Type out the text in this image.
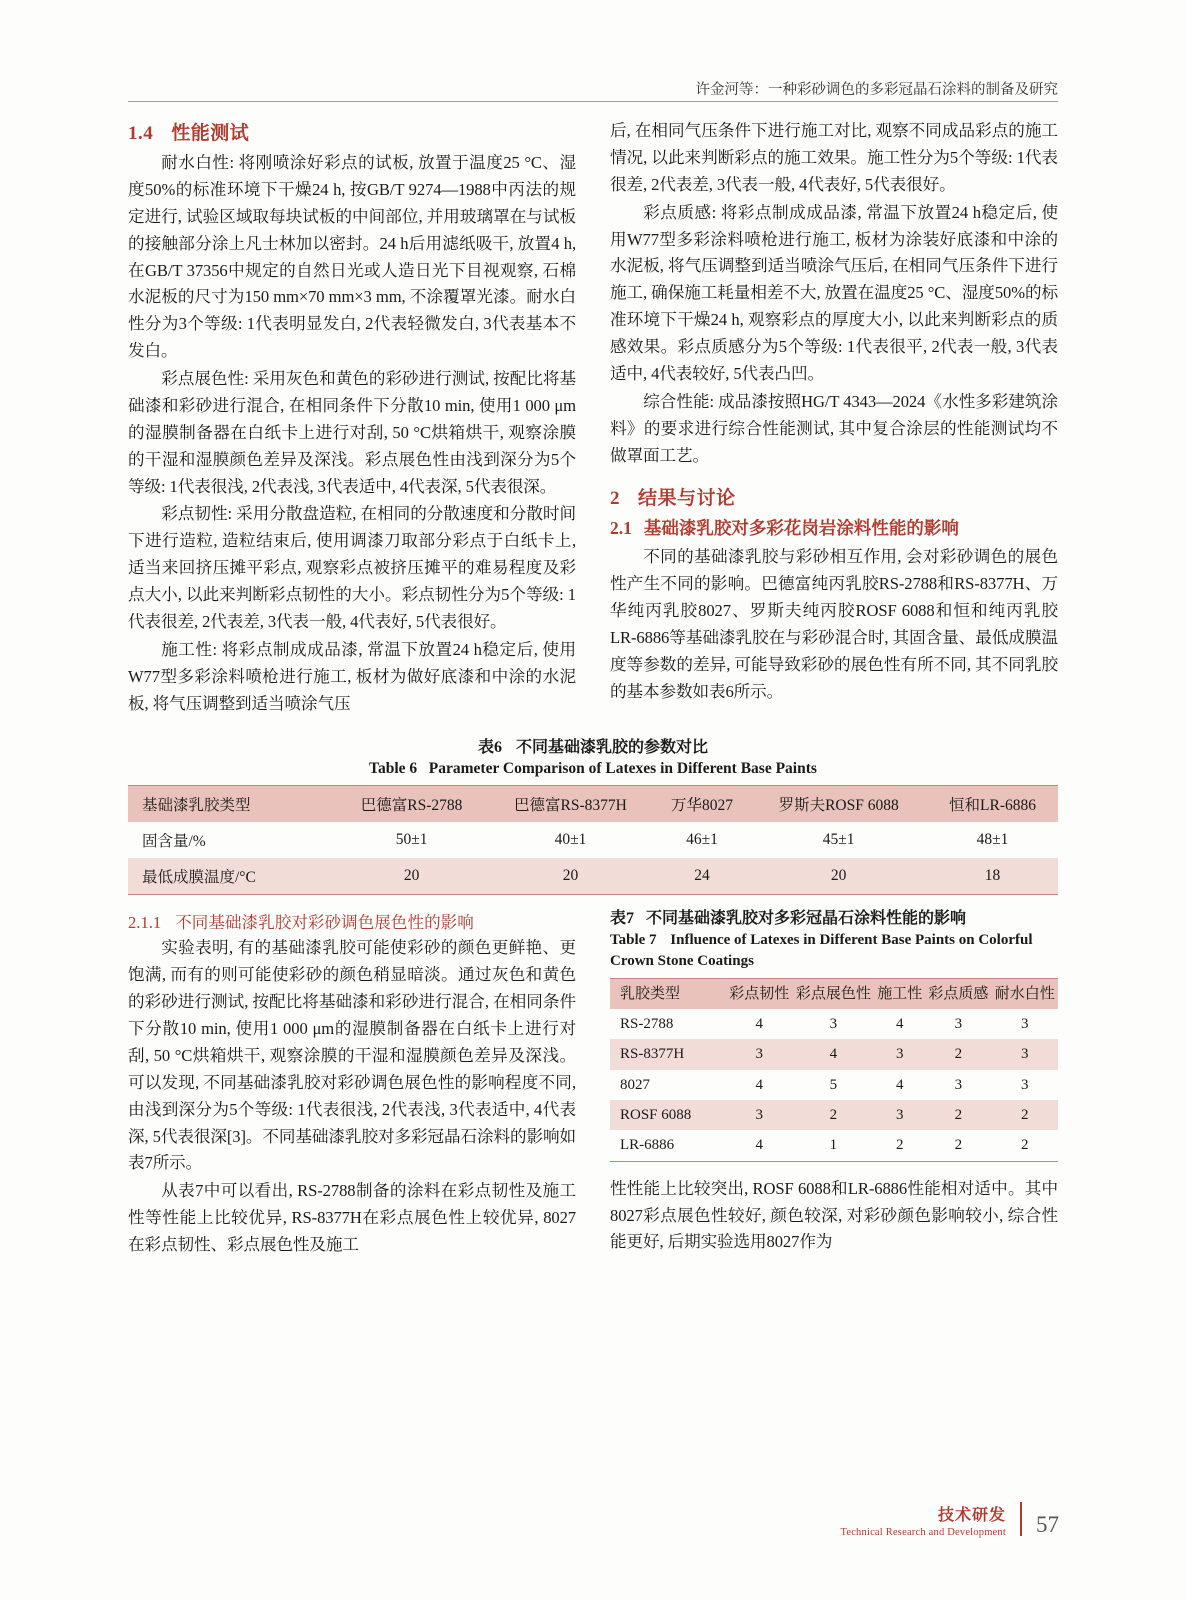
许金河等：一种彩砂调色的多彩冠晶石涂料的制备及研究
1.4 性能测试

耐水白性: 将刚喷涂好彩点的试板, 放置于温度25 °C、湿度50%的标准环境下干燥24 h, 按GB/T 9274—1988中丙法的规定进行, 试验区域取每块试板的中间部位, 并用玻璃罩在与试板的接触部分涂上凡士林加以密封。24 h后用滤纸吸干, 放置4 h, 在GB/T 37356中规定的自然日光或人造日光下目视观察, 石棉水泥板的尺寸为150 mm×70 mm×3 mm, 不涂覆罩光漆。耐水白性分为3个等级: 1代表明显发白, 2代表轻微发白, 3代表基本不发白。

彩点展色性: 采用灰色和黄色的彩砂进行测试, 按配比将基础漆和彩砂进行混合, 在相同条件下分散10 min, 使用1 000 μm的湿膜制备器在白纸卡上进行对刮, 50 °C烘箱烘干, 观察涂膜的干湿和湿膜颜色差异及深浅。彩点展色性由浅到深分为5个等级: 1代表很浅, 2代表浅, 3代表适中, 4代表深, 5代表很深。

彩点韧性: 采用分散盘造粒, 在相同的分散速度和分散时间下进行造粒, 造粒结束后, 使用调漆刀取部分彩点于白纸卡上, 适当来回挤压摊平彩点, 观察彩点被挤压摊平的难易程度及彩点大小, 以此来判断彩点韧性的大小。彩点韧性分为5个等级: 1代表很差, 2代表差, 3代表一般, 4代表好, 5代表很好。

施工性: 将彩点制成成品漆, 常温下放置24 h稳定后, 使用W77型多彩涂料喷枪进行施工, 板材为做好底漆和中涂的水泥板, 将气压调整到适当喷涂气压

后, 在相同气压条件下进行施工对比, 观察不同成品彩点的施工情况, 以此来判断彩点的施工效果。施工性分为5个等级: 1代表很差, 2代表差, 3代表一般, 4代表好, 5代表很好。

彩点质感: 将彩点制成成品漆, 常温下放置24 h稳定后, 使用W77型多彩涂料喷枪进行施工, 板材为涂装好底漆和中涂的水泥板, 将气压调整到适当喷涂气压后, 在相同气压条件下进行施工, 确保施工耗量相差不大, 放置在温度25 °C、湿度50%的标准环境下干燥24 h, 观察彩点的厚度大小, 以此来判断彩点的质感效果。彩点质感分为5个等级: 1代表很平, 2代表一般, 3代表适中, 4代表较好, 5代表凸凹。

综合性能: 成品漆按照HG/T 4343—2024《水性多彩建筑涂料》的要求进行综合性能测试, 其中复合涂层的性能测试均不做罩面工艺。

2 结果与讨论
2.1 基础漆乳胶对多彩花岗岩涂料性能的影响

不同的基础漆乳胶与彩砂相互作用, 会对彩砂调色的展色性产生不同的影响。巴德富纯丙乳胶RS-2788和RS-8377H、万华纯丙乳胶8027、罗斯夫纯丙胶ROSF 6088和恒和纯丙乳胶LR-6886等基础漆乳胶在与彩砂混合时, 其固含量、最低成膜温度等参数的差异, 可能导致彩砂的展色性有所不同, 其不同乳胶的基本参数如表6所示。

表6 不同基础漆乳胶的参数对比
Table 6 Parameter Comparison of Latexes in Different Base Paints
基础漆乳胶类型	巴德富RS-2788	巴德富RS-8377H	万华8027	罗斯夫ROSF 6088	恒和LR-6886
固含量/%	50±1	40±1	46±1	45±1	48±1
最低成膜温度/°C	20	20	24	20	18
2.1.1 不同基础漆乳胶对彩砂调色展色性的影响

实验表明, 有的基础漆乳胶可能使彩砂的颜色更鲜艳、更饱满, 而有的则可能使彩砂的颜色稍显暗淡。通过灰色和黄色的彩砂进行测试, 按配比将基础漆和彩砂进行混合, 在相同条件下分散10 min, 使用1 000 μm的湿膜制备器在白纸卡上进行对刮, 50 °C烘箱烘干, 观察涂膜的干湿和湿膜颜色差异及深浅。可以发现, 不同基础漆乳胶对彩砂调色展色性的影响程度不同, 由浅到深分为5个等级: 1代表很浅, 2代表浅, 3代表适中, 4代表深, 5代表很深[3]。不同基础漆乳胶对多彩冠晶石涂料的影响如表7所示。

从表7中可以看出, RS-2788制备的涂料在彩点韧性及施工性等性能上比较优异, RS-8377H在彩点展色性上较优异, 8027在彩点韧性、彩点展色性及施工

表7 不同基础漆乳胶对多彩冠晶石涂料性能的影响
Table 7 Influence of Latexes in Different Base Paints on Colorful Crown Stone Coatings
乳胶类型	彩点韧性	彩点展色性	施工性	彩点质感	耐水白性
RS-2788	4	3	4	3	3
RS-8377H	3	4	3	2	3
8027	4	5	4	3	3
ROSF 6088	3	2	3	2	2
LR-6886	4	1	2	2	2

性性能上比较突出, ROSF 6088和LR-6886性能相对适中。其中8027彩点展色性较好, 颜色较深, 对彩砂颜色影响较小, 综合性能更好, 后期实验选用8027作为

技术研发
Technical Research and Development 57
